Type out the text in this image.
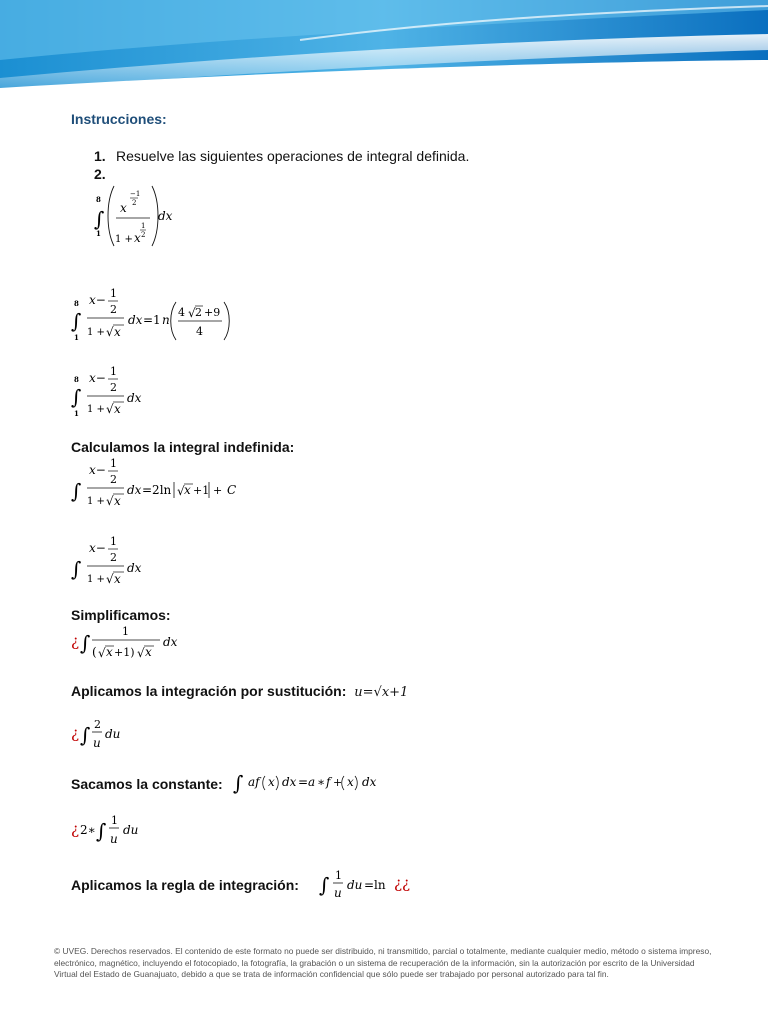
Instrucciones:
1. Resuelve las siguientes operaciones de integral definida.
2.
8
∫
1
x
−1
2
1 + x
1
2
dx
8
∫
1
x− 1
2
1 + √ x
dx =1 n
4 √ 2 +9
4
8
∫
1
x− 1
2
1 + √ x
dx
Calculamos la integral indefinida:
∫
x− 1
2
1 + √ x
dx =2ln √ x +1 + C
∫
x− 1
2
1 + √ x
dx
Simplificamos:
¿ ∫	1
( √ x +1) √ x
dx
Aplicamos la integración por sustitución: u=√x+1
¿ ∫ 2
u
du
Sacamos la constante: ∫ af x dx = a ∗ f + x dx
¿ 2∗ ∫ 1
u
du
Aplicamos la regla de integración: ∫ 1
u
du =ln ¿¿
© UVEG. Derechos reservados. El contenido de este formato no puede ser distribuido, ni transmitido, parcial o totalmente, mediante cualquier medio, método o sistema impreso, electrónico, magnético, incluyendo el fotocopiado, la fotografía, la grabación o un sistema de recuperación de la información, sin la autorización por escrito de la Universidad Virtual del Estado de Guanajuato, debido a que se trata de información confidencial que sólo puede ser trabajado por personal autorizado para tal fin.
